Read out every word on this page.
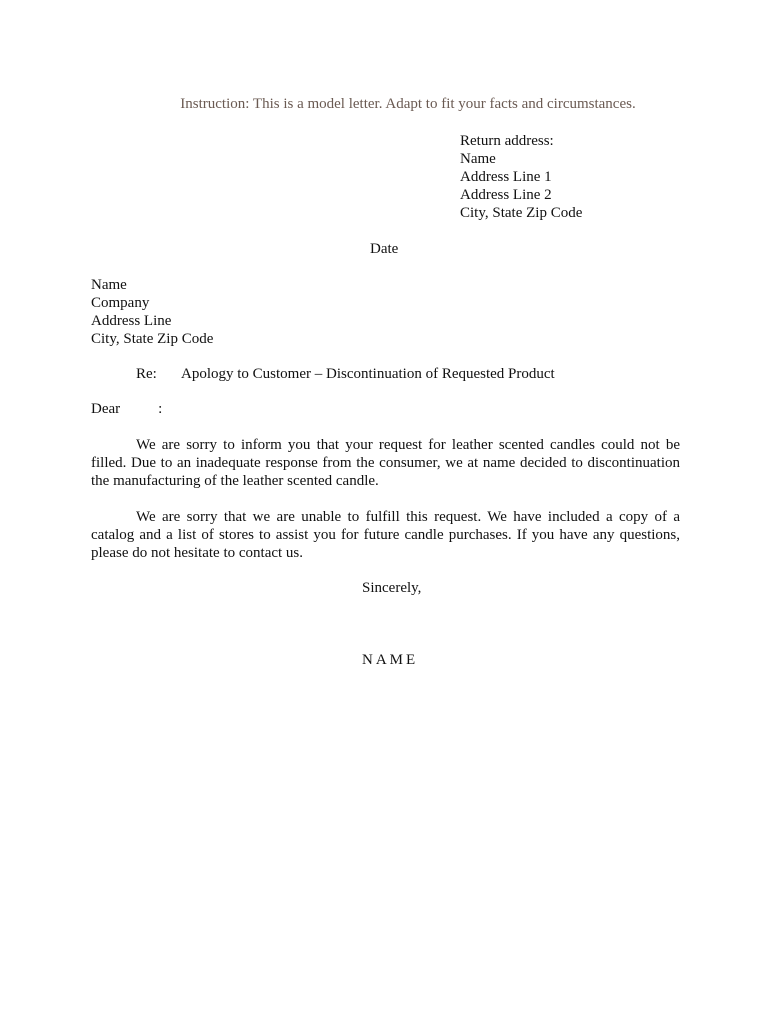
Instruction: This is a model letter. Adapt to fit your facts and circumstances.
Return address:
Name
Address Line 1
Address Line 2
City, State Zip Code
Date
Name
Company
Address Line
City, State Zip Code
Re: Apology to Customer – Discontinuation of Requested Product
Dear	:
We are sorry to inform you that your request for leather scented candles could not be filled. Due to an inadequate response from the consumer, we at name decided to discontinuation the manufacturing of the leather scented candle.
We are sorry that we are unable to fulfill this request. We have included a copy of a catalog and a list of stores to assist you for future candle purchases. If you have any questions, please do not hesitate to contact us.
Sincerely,
NAME
